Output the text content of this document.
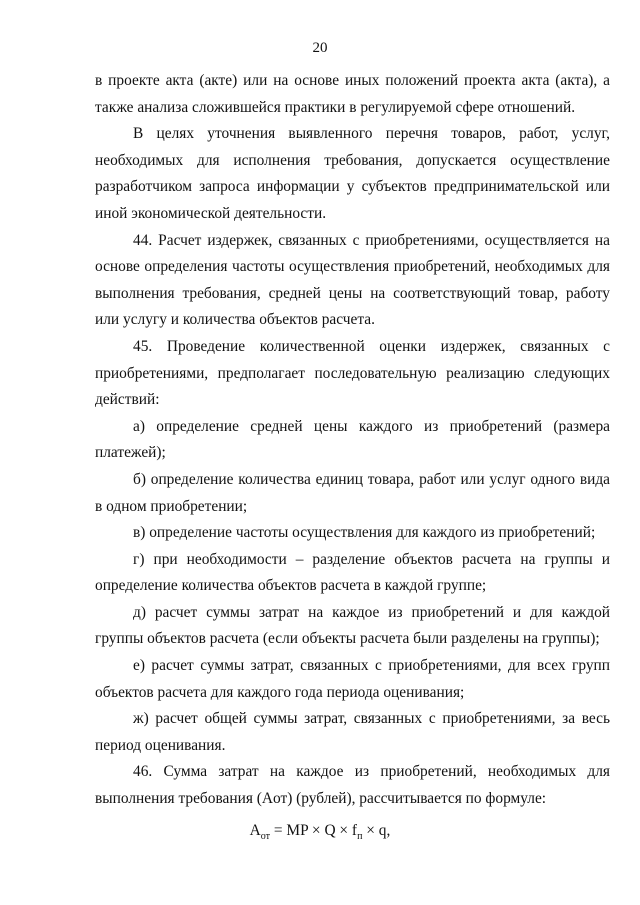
20

в проекте акта (акте) или на основе иных положений проекта акта (акта), а также анализа сложившейся практики в регулируемой сфере отношений.

В целях уточнения выявленного перечня товаров, работ, услуг, необходимых для исполнения требования, допускается осуществление разработчиком запроса информации у субъектов предпринимательской или иной экономической деятельности.

44. Расчет издержек, связанных с приобретениями, осуществляется на основе определения частоты осуществления приобретений, необходимых для выполнения требования, средней цены на соответствующий товар, работу или услугу и количества объектов расчета.

45. Проведение количественной оценки издержек, связанных с приобретениями, предполагает последовательную реализацию следующих действий:

а) определение средней цены каждого из приобретений (размера платежей);

б) определение количества единиц товара, работ или услуг одного вида в одном приобретении;

в) определение частоты осуществления для каждого из приобретений;

г) при необходимости – разделение объектов расчета на группы и определение количества объектов расчета в каждой группе;

д) расчет суммы затрат на каждое из приобретений и для каждой группы объектов расчета (если объекты расчета были разделены на группы);

е) расчет суммы затрат, связанных с приобретениями, для всех групп объектов расчета для каждого года периода оценивания;

ж) расчет общей суммы затрат, связанных с приобретениями, за весь период оценивания.

46. Сумма затрат на каждое из приобретений, необходимых для выполнения требования (Aот) (рублей), рассчитывается по формуле:

$A_{от}$ = MP × $Q \times f_п \times q$,
